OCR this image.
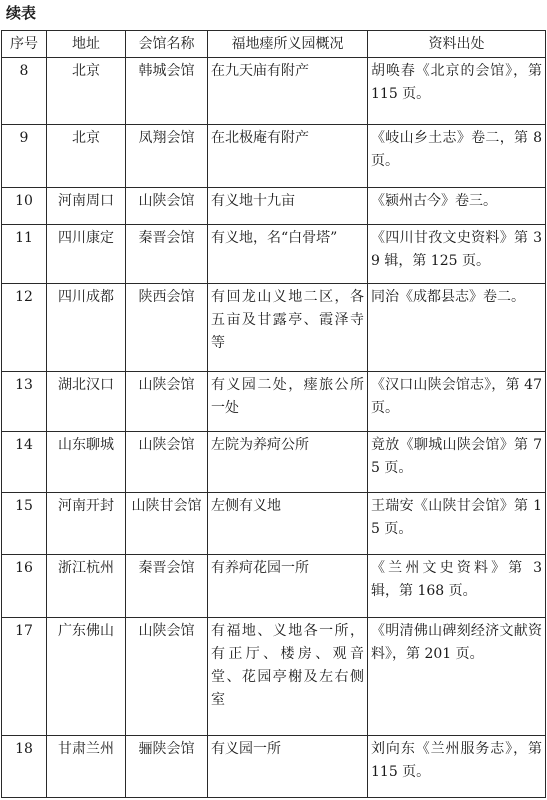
续表
序号	地址	会馆名称	福地瘗所义园概况	资料出处
8	北京	韩城会馆	在九天庙有附产	胡唤春《北京的会馆》，第 115 页。
9	北京	凤翔会馆	在北极庵有附产	《岐山乡土志》卷二，第 8 页。
10	河南周口	山陕会馆	有义地十九亩	《颍州古今》卷三。
11	四川康定	秦晋会馆	有义地，名“白骨塔”	《四川甘孜文史资料》第 39 辑，第 125 页。
12	四川成都	陕西会馆	有回龙山义地二区，各五亩及甘露亭、霞泽寺等	同治《成都县志》卷二。
13	湖北汉口	山陕会馆	有义园二处，瘗旅公所一处	《汉口山陕会馆志》，第 47 页。
14	山东聊城	山陕会馆	左院为养疴公所	竟放《聊城山陕会馆》第 75 页。
15	河南开封	山陕甘会馆	左侧有义地	王瑞安《山陕甘会馆》第 15 页。
16	浙江杭州	秦晋会馆	有养疴花园一所	《兰州文史资料》第 3 辑，第 168 页。
17	广东佛山	山陕会馆	有福地、义地各一所，有正厅、楼房、观音堂、花园亭榭及左右侧室	《明清佛山碑刻经济文献资料》，第 201 页。
18	甘肃兰州	骊陕会馆	有义园一所	刘向东《兰州服务志》，第 115 页。
